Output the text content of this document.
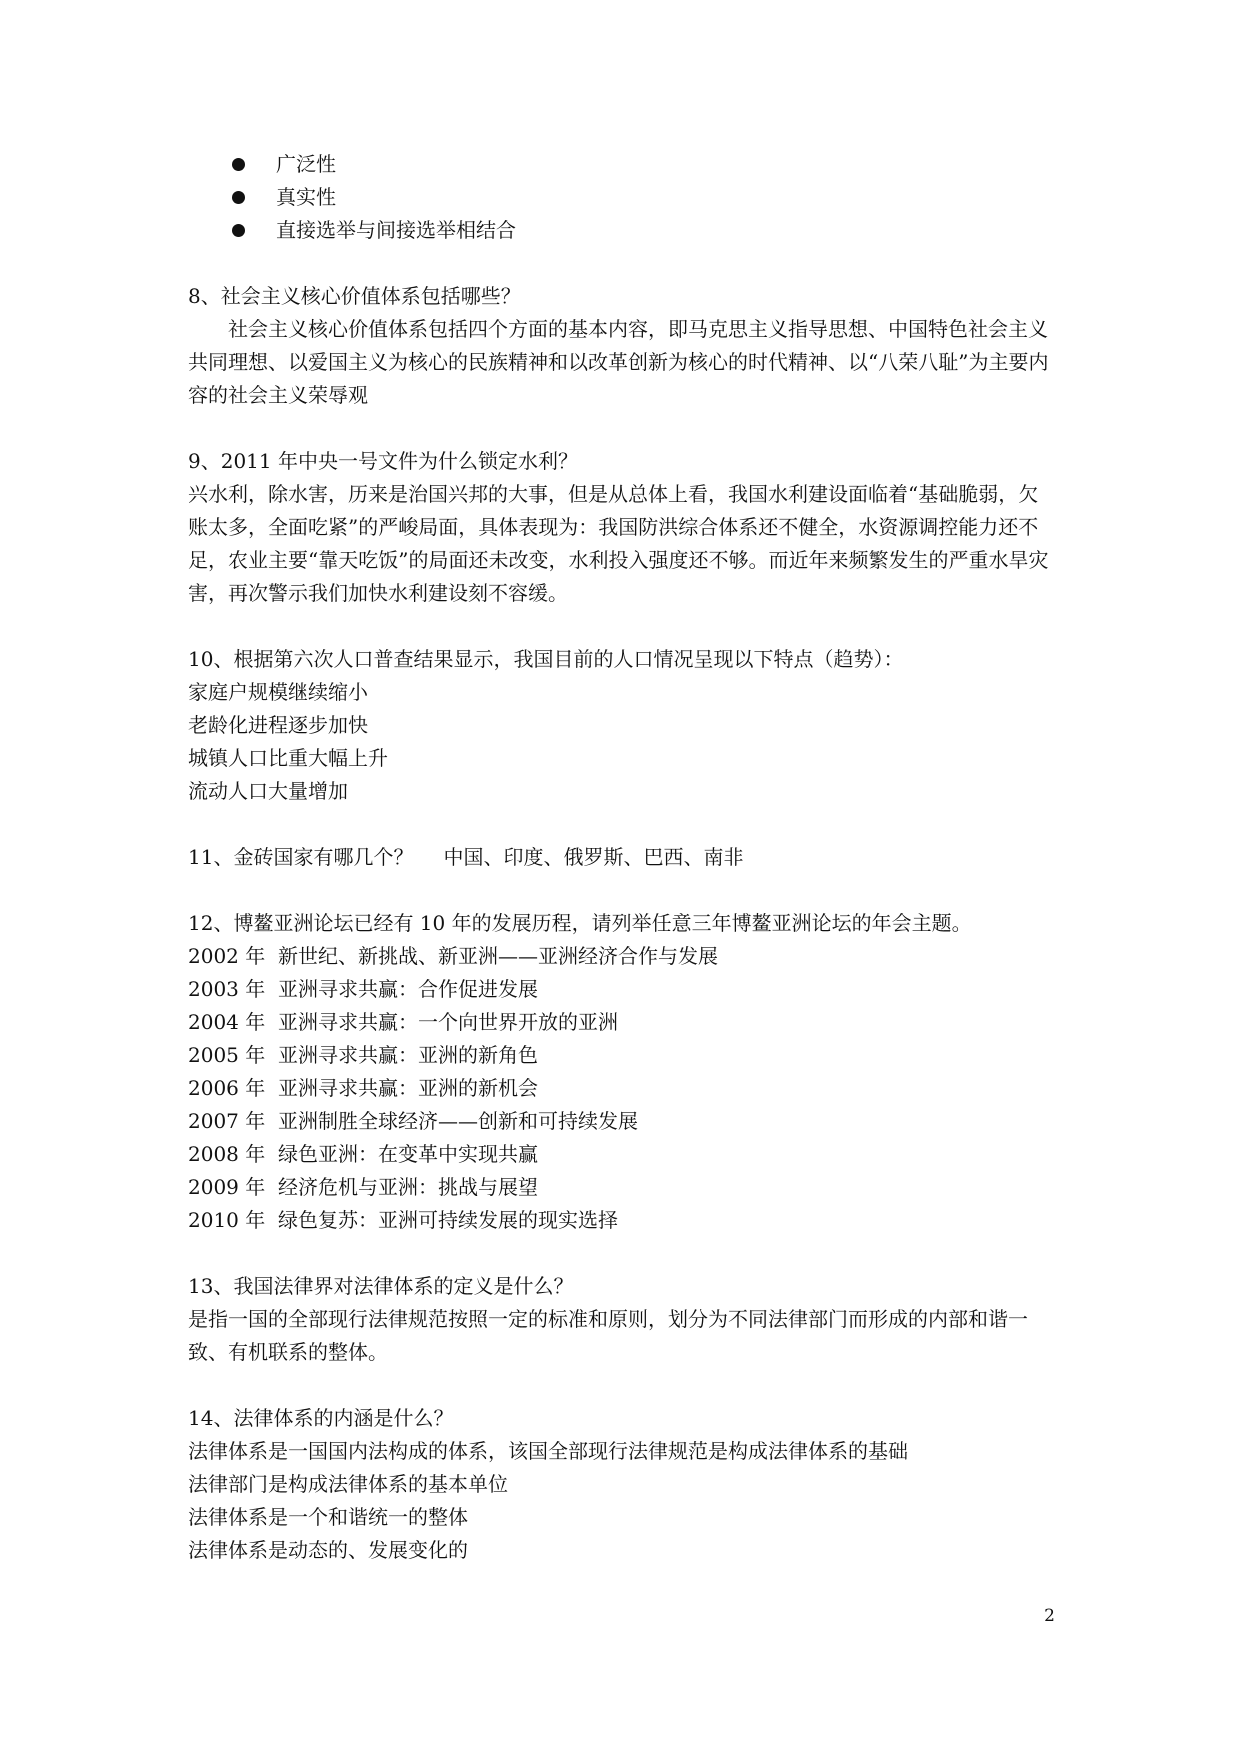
广泛性
真实性
直接选举与间接选举相结合

8、社会主义核心价值体系包括哪些？

社会主义核心价值体系包括四个方面的基本内容，即马克思主义指导思想、中国特色社会主义共同理想、以爱国主义为核心的民族精神和以改革创新为核心的时代精神、以“八荣八耻”为主要内容的社会主义荣辱观

9、2011 年中央一号文件为什么锁定水利？

兴水利，除水害，历来是治国兴邦的大事，但是从总体上看，我国水利建设面临着“基础脆弱，欠账太多，全面吃紧”的严峻局面，具体表现为：我国防洪综合体系还不健全，水资源调控能力还不足，农业主要“靠天吃饭”的局面还未改变，水利投入强度还不够。而近年来频繁发生的严重水旱灾害，再次警示我们加快水利建设刻不容缓。

10、根据第六次人口普查结果显示，我国目前的人口情况呈现以下特点（趋势）：

家庭户规模继续缩小

老龄化进程逐步加快

城镇人口比重大幅上升

流动人口大量增加

11、金砖国家有哪几个？ 中国、印度、俄罗斯、巴西、南非

12、博鳌亚洲论坛已经有 10 年的发展历程，请列举任意三年博鳌亚洲论坛的年会主题。

2002 年 新世纪、新挑战、新亚洲——亚洲经济合作与发展
2003 年 亚洲寻求共赢：合作促进发展
2004 年 亚洲寻求共赢：一个向世界开放的亚洲
2005 年 亚洲寻求共赢：亚洲的新角色
2006 年 亚洲寻求共赢：亚洲的新机会
2007 年 亚洲制胜全球经济——创新和可持续发展
2008 年 绿色亚洲：在变革中实现共赢
2009 年 经济危机与亚洲：挑战与展望
2010 年 绿色复苏：亚洲可持续发展的现实选择

13、我国法律界对法律体系的定义是什么？

是指一国的全部现行法律规范按照一定的标准和原则，划分为不同法律部门而形成的内部和谐一致、有机联系的整体。

14、法律体系的内涵是什么？

法律体系是一国国内法构成的体系，该国全部现行法律规范是构成法律体系的基础

法律部门是构成法律体系的基本单位

法律体系是一个和谐统一的整体

法律体系是动态的、发展变化的

2
